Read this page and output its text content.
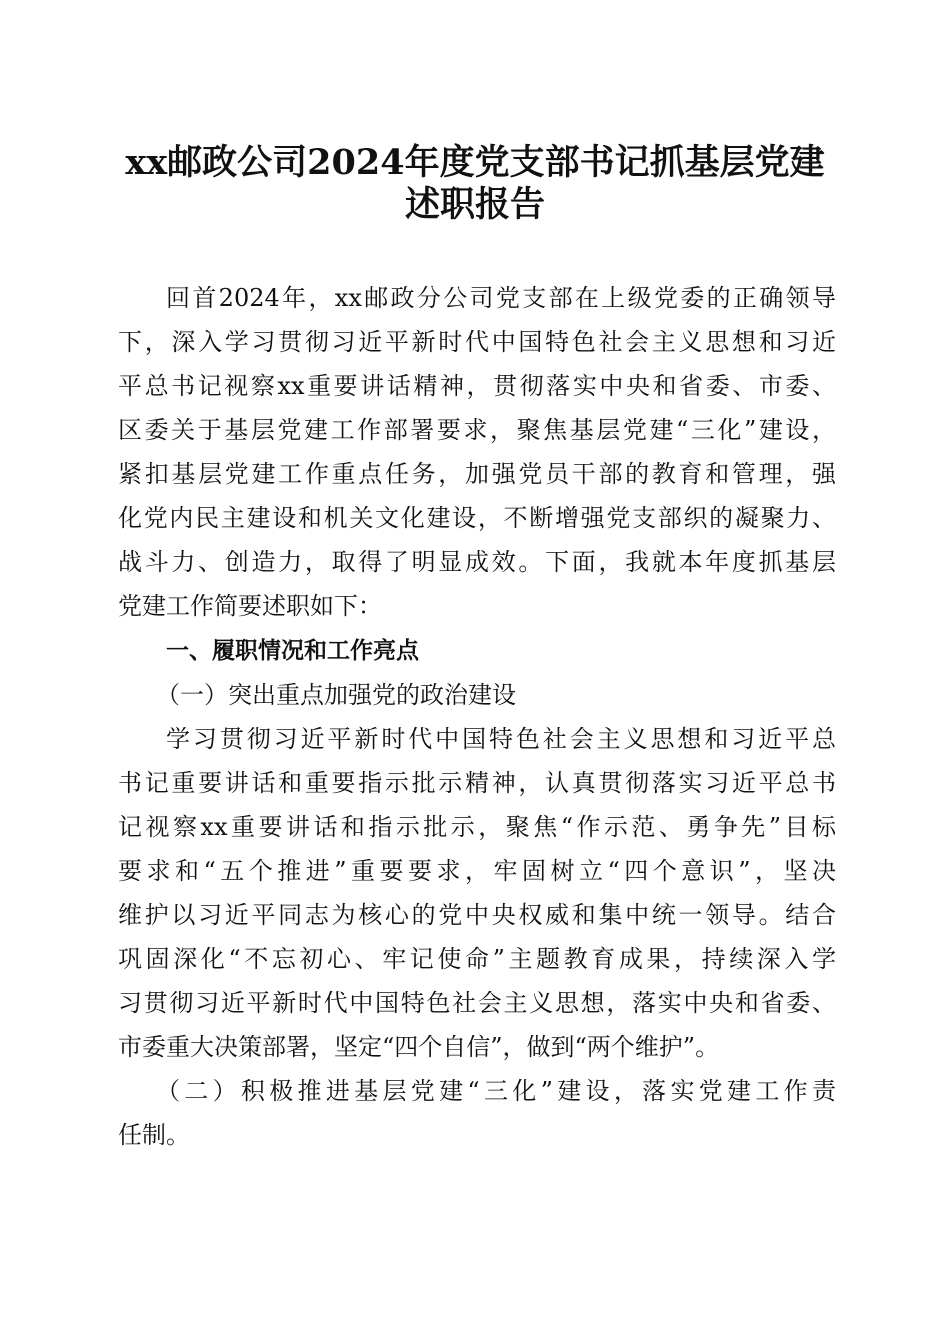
xx邮政公司2024年度党支部书记抓基层党建
述职报告
回首2024年，xx邮政分公司党支部在上级党委的正确领导
下，深入学习贯彻习近平新时代中国特色社会主义思想和习近
平总书记视察xx重要讲话精神，贯彻落实中央和省委、市委、
区委关于基层党建工作部署要求，聚焦基层党建“三化”建设，
紧扣基层党建工作重点任务，加强党员干部的教育和管理，强
化党内民主建设和机关文化建设，不断增强党支部织的凝聚力、
战斗力、创造力，取得了明显成效。下面，我就本年度抓基层
党建工作简要述职如下：
一、履职情况和工作亮点
（一）突出重点加强党的政治建设
学习贯彻习近平新时代中国特色社会主义思想和习近平总
书记重要讲话和重要指示批示精神，认真贯彻落实习近平总书
记视察xx重要讲话和指示批示，聚焦“作示范、勇争先”目标
要求和“五个推进”重要要求，牢固树立“四个意识”，坚决
维护以习近平同志为核心的党中央权威和集中统一领导。结合
巩固深化“不忘初心、牢记使命”主题教育成果，持续深入学
习贯彻习近平新时代中国特色社会主义思想，落实中央和省委、
市委重大决策部署，坚定“四个自信”，做到“两个维护”。
（二）积极推进基层党建“三化”建设，落实党建工作责
任制。
